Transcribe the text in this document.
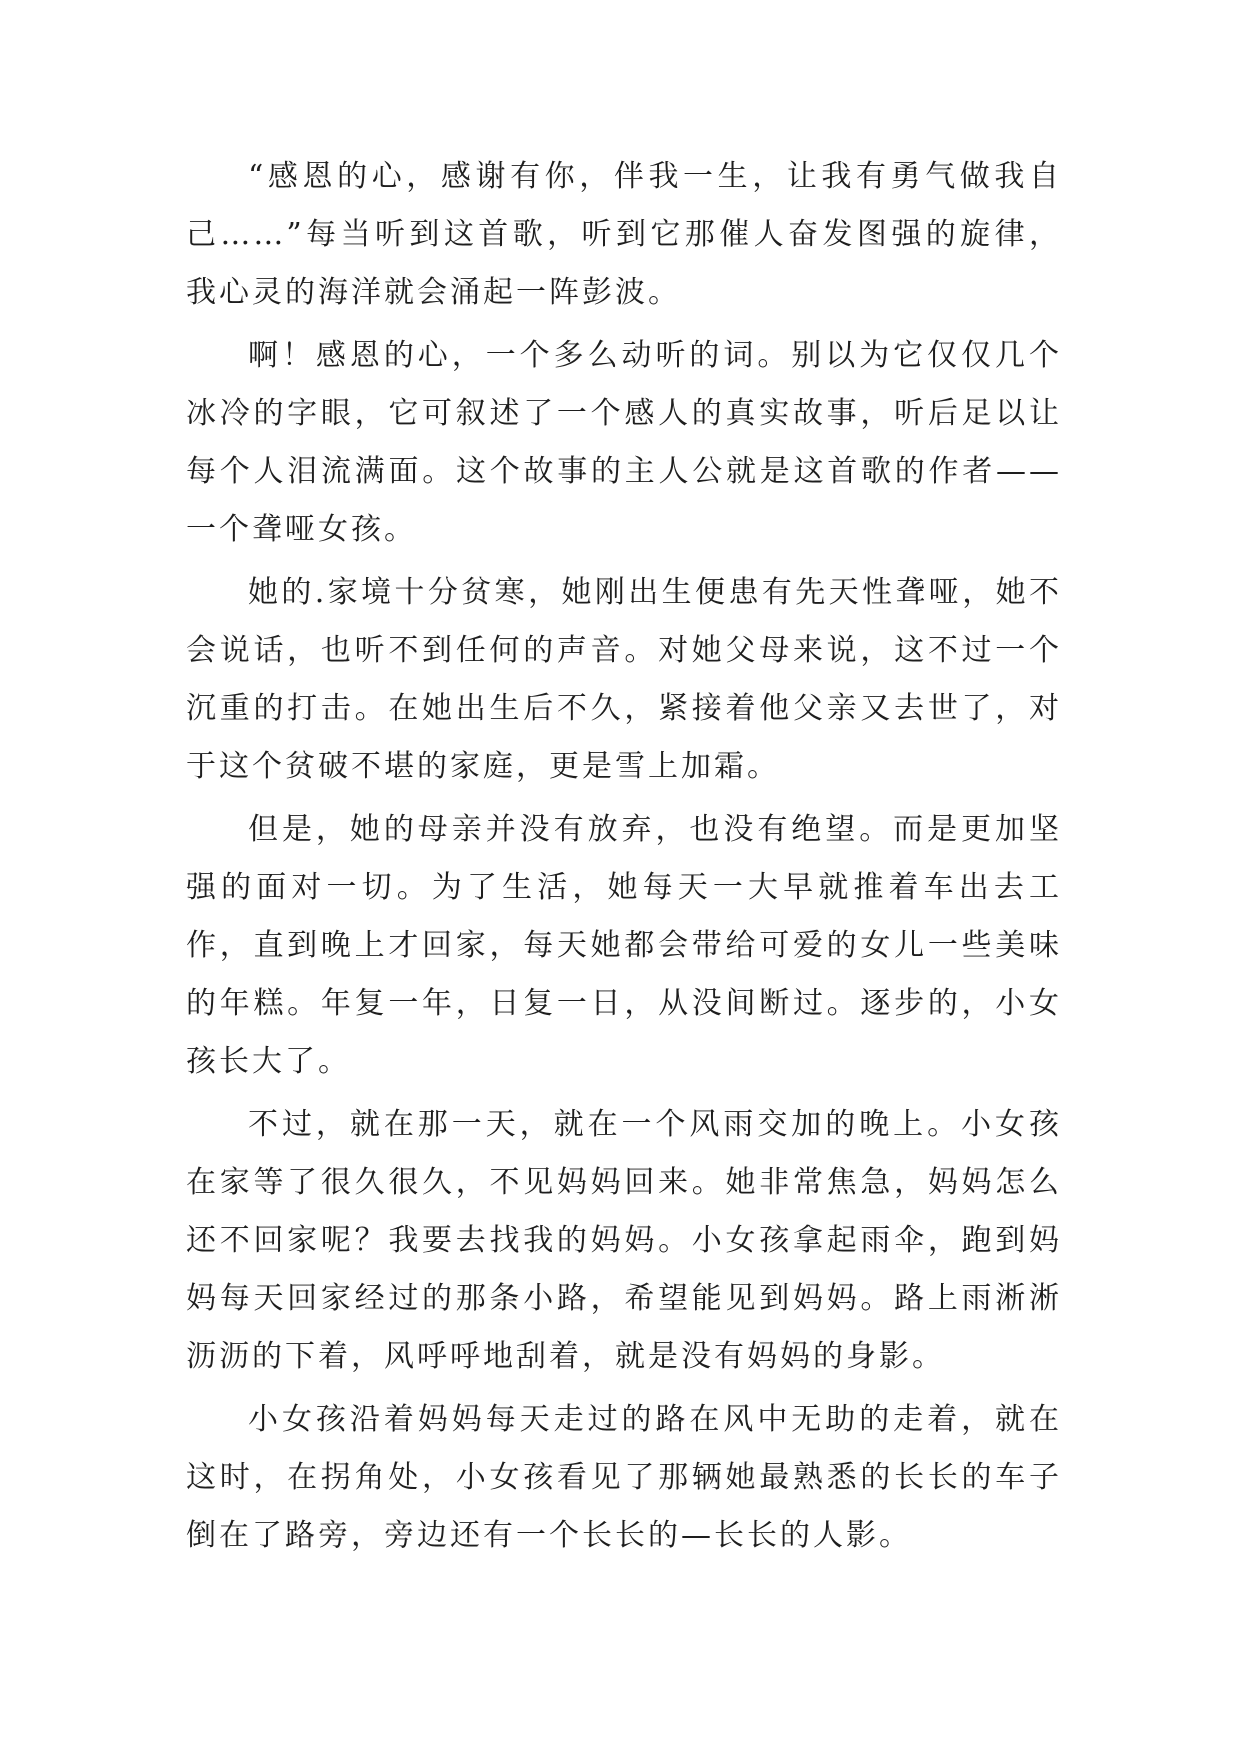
“感恩的心，感谢有你，伴我一生，让我有勇气做我自己……”每当听到这首歌，听到它那催人奋发图强的旋律，我心灵的海洋就会涌起一阵彭波。

啊！感恩的心，一个多么动听的词。别以为它仅仅几个冰冷的字眼，它可叙述了一个感人的真实故事，听后足以让每个人泪流满面。这个故事的主人公就是这首歌的作者——一个聋哑女孩。

她的.家境十分贫寒，她刚出生便患有先天性聋哑，她不会说话，也听不到任何的声音。对她父母来说，这不过一个沉重的打击。在她出生后不久，紧接着他父亲又去世了，对于这个贫破不堪的家庭，更是雪上加霜。

但是，她的母亲并没有放弃，也没有绝望。而是更加坚强的面对一切。为了生活，她每天一大早就推着车出去工作，直到晚上才回家，每天她都会带给可爱的女儿一些美味的年糕。年复一年，日复一日，从没间断过。逐步的，小女孩长大了。

不过，就在那一天，就在一个风雨交加的晚上。小女孩在家等了很久很久，不见妈妈回来。她非常焦急，妈妈怎么还不回家呢？我要去找我的妈妈。小女孩拿起雨伞，跑到妈妈每天回家经过的那条小路，希望能见到妈妈。路上雨淅淅沥沥的下着，风呼呼地刮着，就是没有妈妈的身影。

小女孩沿着妈妈每天走过的路在风中无助的走着，就在这时，在拐角处，小女孩看见了那辆她最熟悉的长长的车子倒在了路旁，旁边还有一个长长的—长长的人影。
